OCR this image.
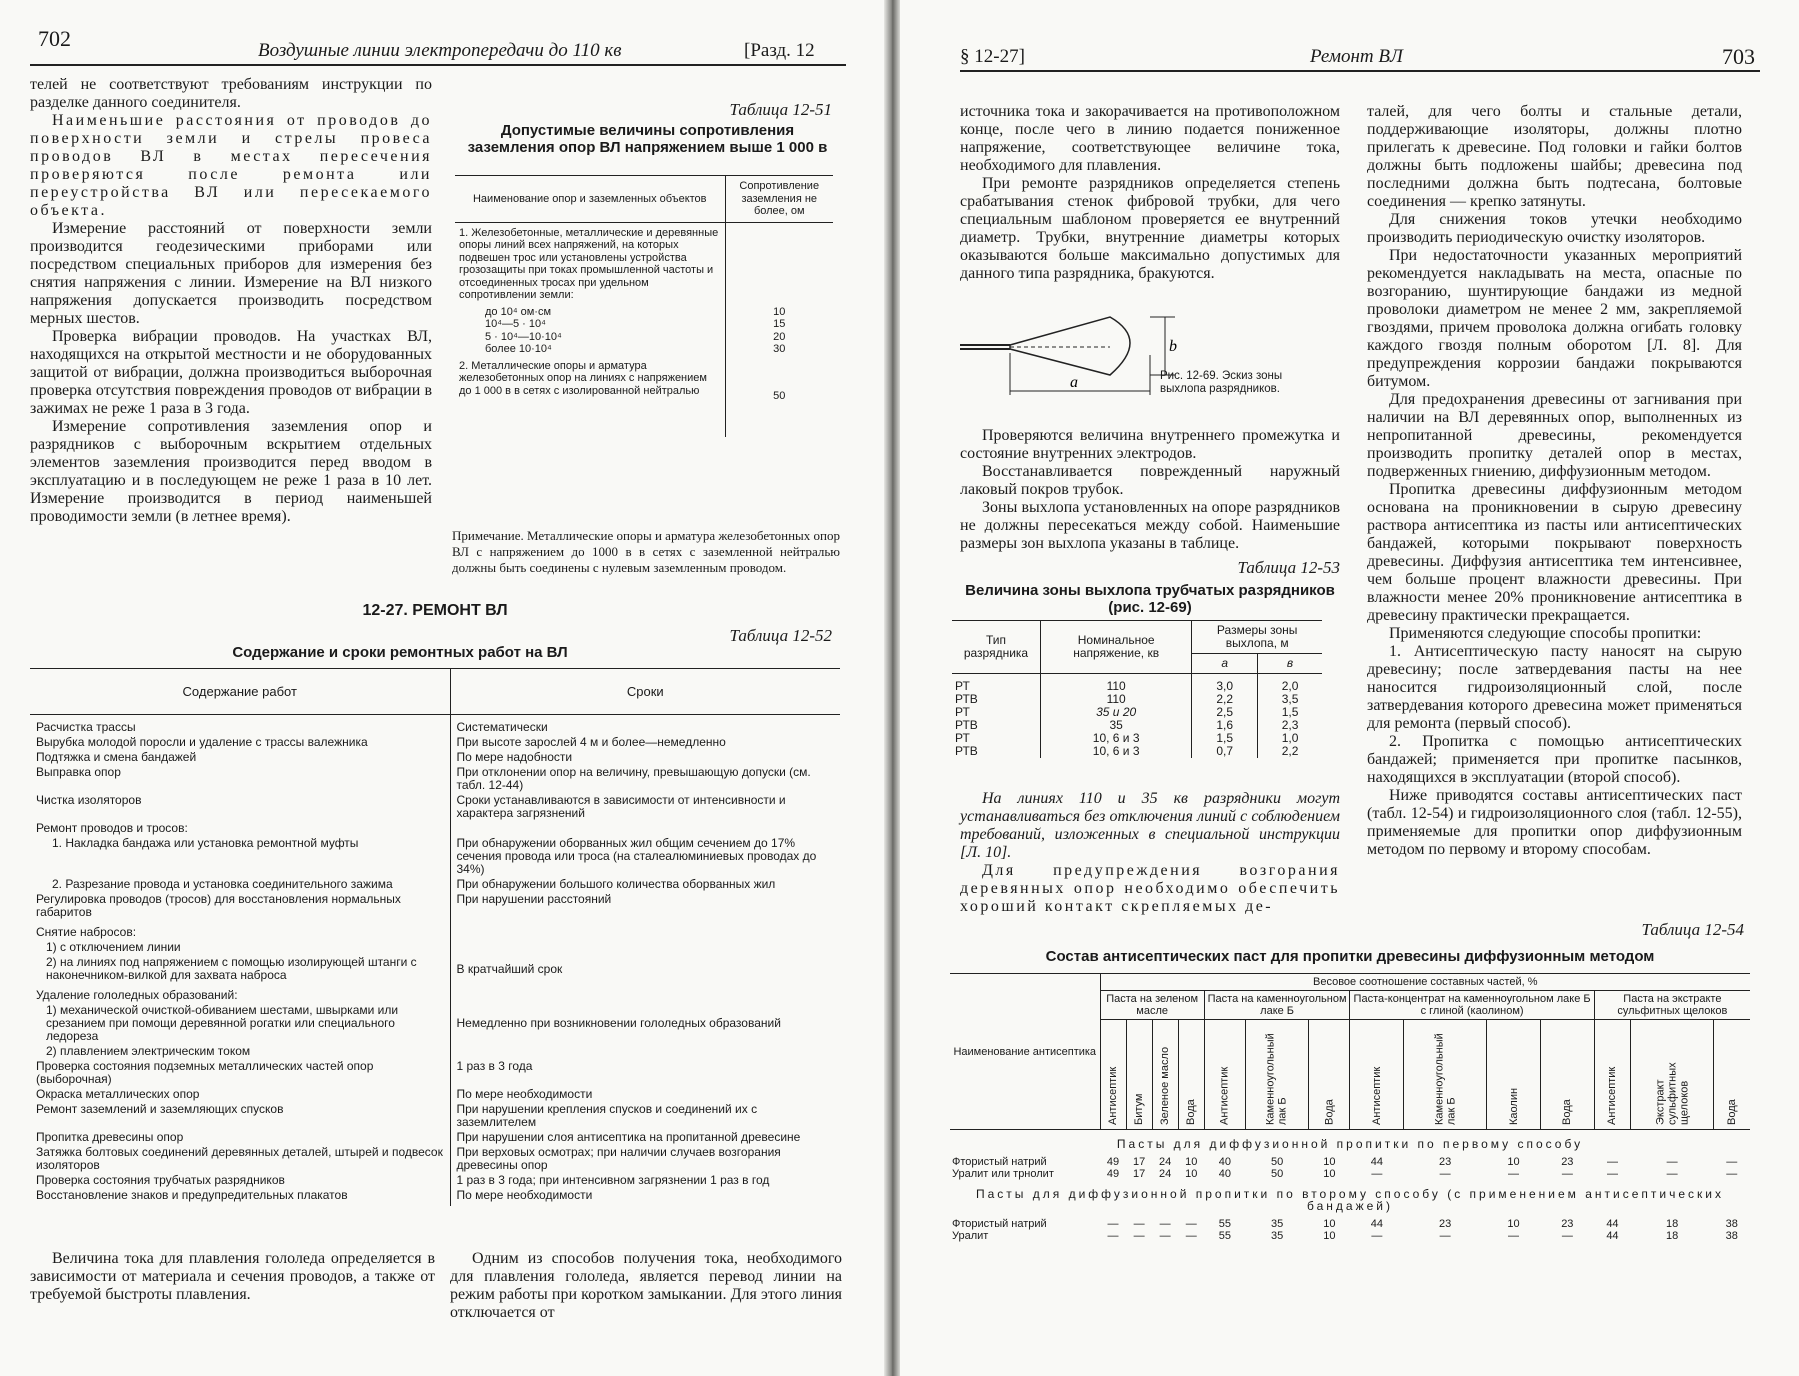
702	Воздушные линии электропередачи до 110 кв	[Разд. 12

телей не соответствуют требованиям инструкции по разделке данного соединителя.

Наименьшие расстояния от проводов до поверхности земли и стрелы провеса проводов ВЛ в местах пересечения проверяются после ремонта или переустройства ВЛ или пересекаемого объекта.

Измерение расстояний от поверхности земли производится геодезическими приборами или посредством специальных приборов для измерения без снятия напряжения с линии. Измерение на ВЛ низкого напряжения допускается производить посредством мерных шестов.

Проверка вибрации проводов. На участках ВЛ, находящихся на открытой местности и не оборудованных защитой от вибрации, должна производиться выборочная проверка отсутствия повреждения проводов от вибрации в зажимах не реже 1 раза в 3 года.

Измерение сопротивления заземления опор и разрядников с выборочным вскрытием отдельных элементов заземления производится перед вводом в эксплуатацию и в последующем не реже 1 раза в 10 лет. Измерение производится в период наименьшей проводимости земли (в летнее время).

Таблица 12-51
Допустимые величины сопротивления заземления опор ВЛ напряжением выше 1 000 в
Наименование опор и заземленных объектов	Сопротивление заземления не более, ом
1. Железобетонные, металлические и деревянные опоры линий всех напряжений, на которых подвешен трос или установлены устройства грозозащиты при токах промышленной частоты и отсоединенных тросах при удельном сопротивлении земли:	
до 10⁴ ом·см	10
10⁴—5 · 10⁴	15
5 · 10⁴—10·10⁴	20
более 10·10⁴	30
2. Металлические опоры и арматура железобетонных опор на линиях с напряжением до 1 000 в в сетях с изолированной нейтралью	50
Примечание. Металлические опоры и арматура железобетонных опор ВЛ с напряжением до 1000 в в сетях с заземленной нейтралью должны быть соединены с нулевым заземленным проводом.
12-27. РЕМОНТ ВЛ
Таблица 12-52
Содержание и сроки ремонтных работ на ВЛ
Содержание работ	Сроки
Расчистка трассы	Систематически
Вырубка молодой поросли и удаление с трассы валежника	При высоте зарослей 4 м и более—немедленно
Подтяжка и смена бандажей	По мере надобности
Выправка опор	При отклонении опор на величину, превышающую допуски (см. табл. 12-44)
Чистка изоляторов	Сроки устанавливаются в зависимости от интенсивности и характера загрязнений
Ремонт проводов и тросов:	
1. Накладка бандажа или установка ремонтной муфты	При обнаружении оборванных жил общим сечением до 17% сечения провода или троса (на сталеалюминиевых проводах до 34%)
2. Разрезание провода и установка соединительного зажима	При обнаружении большого количества оборванных жил
Регулировка проводов (тросов) для восстановления нормальных габаритов	При нарушении расстояний
Снятие набросов:	
1) с отключением линии	
2) на линиях под напряжением с помощью изолирующей штанги с наконечником-вилкой для захвата наброса	В кратчайший срок
Удаление гололедных образований:	
1) механической очисткой-обиванием шестами, швырками или срезанием при помощи деревянной рогатки или специального ледореза	Немедленно при возникновении гололедных образований
2) плавлением электрическим током	
Проверка состояния подземных металлических частей опор (выборочная)	1 раз в 3 года
Окраска металлических опор	По мере необходимости
Ремонт заземлений и заземляющих спусков	При нарушении крепления спусков и соединений их с заземлителем
Пропитка древесины опор	При нарушении слоя антисептика на пропитанной древесине
Затяжка болтовых соединений деревянных деталей, штырей и подвесок изоляторов	При верховых осмотрах; при наличии случаев возгорания древесины опор
Проверка состояния трубчатых разрядников	1 раз в 3 года; при интенсивном загрязнении 1 раз в год
Восстановление знаков и предупредительных плакатов	По мере необходимости

Величина тока для плавления гололеда определяется в зависимости от материала и сечения проводов, а также от требуемой быстроты плавления.

Одним из способов получения тока, необходимого для плавления гололеда, является перевод линии на режим работы при коротком замыкании. Для этого линия отключается от

§ 12-27]	Ремонт ВЛ	703

источника тока и закорачивается на противоположном конце, после чего в линию подается пониженное напряжение, соответствующее величине тока, необходимого для плавления.

При ремонте разрядников определяется степень срабатывания стенок фибровой трубки, для чего специальным шаблоном проверяется ее внутренний диаметр. Трубки, внутренние диаметры которых оказываются больше максимально допустимых для данного типа разрядника, бракуются.

b
a	Рис. 12-69. Эскиз зоны выхлопа разрядников.

Проверяются величина внутреннего промежутка и состояние внутренних электродов.

Восстанавливается поврежденный наружный лаковый покров трубок.

Зоны выхлопа установленных на опоре разрядников не должны пересекаться между собой. Наименьшие размеры зон выхлопа указаны в таблице.

Таблица 12-53
Величина зоны выхлопа трубчатых разрядников (рис. 12-69)
Тип разрядника	Номинальное напряжение, кв	Размеры зоны выхлопа, м	
		a	в
РТ	110	3,0	2,0
РТВ	110	2,2	3,5
РТ	35 и 20	2,5	1,5
РТВ	35	1,6	2,3
РТ	10, 6 и 3	1,5	1,0
РТВ	10, 6 и 3	0,7	2,2

На линиях 110 и 35 кв разрядники могут устанавливаться без отключения линий с соблюдением требований, изложенных в специальной инструкции [Л. 10].

Для предупреждения возгорания деревянных опор необходимо обеспечить хороший контакт скрепляемых де-

талей, для чего болты и стальные детали, поддерживающие изоляторы, должны плотно прилегать к древесине. Под головки и гайки болтов должны быть подложены шайбы; древесина под последними должна быть подтесана, болтовые соединения — крепко затянуты.

Для снижения токов утечки необходимо производить периодическую очистку изоляторов.

При недостаточности указанных мероприятий рекомендуется накладывать на места, опасные по возгоранию, шунтирующие бандажи из медной проволоки диаметром не менее 2 мм, закрепляемой гвоздями, причем проволока должна огибать головку каждого гвоздя полным оборотом [Л. 8]. Для предупреждения коррозии бандажи покрываются битумом.

Для предохранения древесины от загнивания при наличии на ВЛ деревянных опор, выполненных из непропитанной древесины, рекомендуется производить пропитку деталей опор в местах, подверженных гниению, диффузионным методом.

Пропитка древесины диффузионным методом основана на проникновении в сырую древесину раствора антисептика из пасты или антисептических бандажей, которыми покрывают поверхность древесины. Диффузия антисептика тем интенсивнее, чем больше процент влажности древесины. При влажности менее 20% проникновение антисептика в древесину практически прекращается.

Применяются следующие способы пропитки:

1. Антисептическую пасту наносят на сырую древесину; после затвердевания пасты на нее наносится гидроизоляционный слой, после затвердевания которого древесина может применяться для ремонта (первый способ).

2. Пропитка с помощью антисептических бандажей; применяется при пропитке пасынков, находящихся в эксплуатации (второй способ).

Ниже приводятся составы антисептических паст (табл. 12-54) и гидроизоляционного слоя (табл. 12-55), применяемые для пропитки опор диффузионным методом по первому и второму способам.

Таблица 12-54
Состав антисептических паст для пропитки древесины диффузионным методом
Наименование антисептика	Весовое соотношение составных частей, %													
	Паста на зеленом масле				Паста на каменноугольном лаке Б			Паста-концентрат на каменноугольном лаке Б с глиной (каолином)				Паста на экстракте сульфитных щелоков		
	Антисептик	Битум	Зеленое масло	Вода	Антисептик	Каменноугольный лак Б	Вода	Антисептик	Каменноугольный лак Б	Каолин	Вода	Антисептик	Экстракт сульфитных щелоков	Вода
Пасты для диффузионной пропитки по первому способу														
Фтористый натрий	49	17	24	10	40	50	10	44	23	10	23	—	—	—
Уралит или трнолит	49	17	24	10	40	50	10	—	—	—	—	—	—	—
Пасты для диффузионной пропитки по второму способу (с применением антисептических бандажей)														
Фтористый натрий	—	—	—	—	55	35	10	44	23	10	23	44	18	38
Уралит	—	—	—	—	55	35	10	—	—	—	—	44	18	38
